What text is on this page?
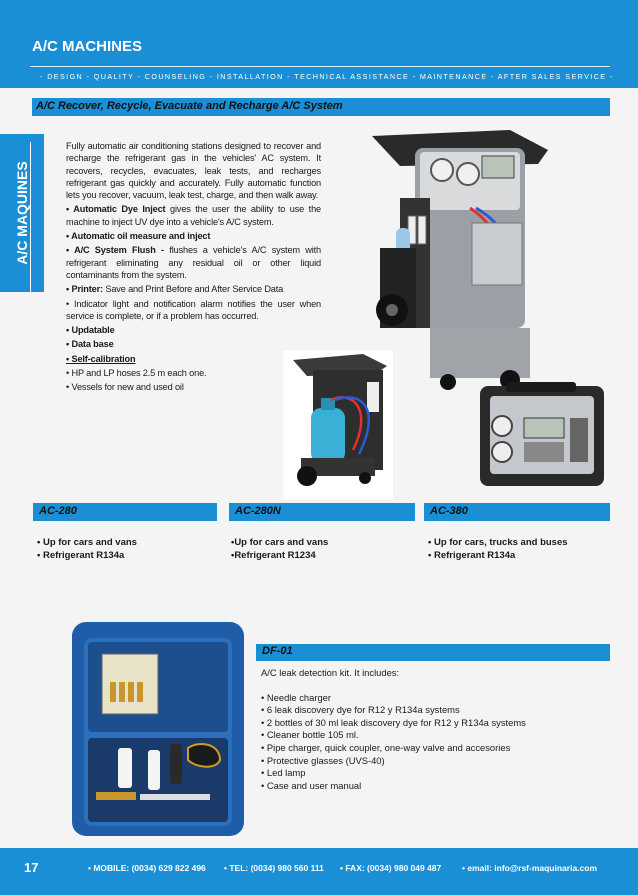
A/C MACHINES
- DESIGN - QUALITY - COUNSELING - INSTALLATION - TECHNICAL ASSISTANCE - MAINTENANCE - AFTER SALES SERVICE -
A/C Recover, Recycle, Evacuate and Recharge A/C System
A/C MAQUINES

Fully automatic air conditioning stations designed to recover and recharge the refrigerant gas in the vehicles' AC system. It recovers, recycles, evacuates, leak tests, and recharges refrigerant gas quickly and accurately. Fully automatic function lets you recover, vacuum, leak test, charge, and then walk away.

• Automatic Dye Inject gives the user the ability to use the machine to inject UV dye into a vehicle's A/C system.

• Automatic oil measure and inject

• A/C System Flush - flushes a vehicle's A/C system with refrigerant eliminating any residual oil or other liquid contaminants from the system.

• Printer: Save and Print Before and After Service Data

• Indicator light and notification alarm notifies the user when service is complete, or if a problem has occurred.

• Updatable

• Data base

• Self-calibration

• HP and LP hoses 2.5 m each one.

• Vessels for new and used oil

AC-280	AC-280N	AC-380
• Up for cars and vans
• Refrigerant R134a
•Up for cars and vans
•Refrigerant R1234
• Up for cars, trucks and buses
• Refrigerant R134a
DF-01
A/C leak detection kit. It includes:
• Needle charger
• 6 leak discovery dye for R12 y R134a systems
• 2 bottles of 30 ml leak discovery dye for R12 y R134a systems
• Cleaner bottle 105 ml.
• Pipe charger, quick coupler, one-way valve and accesories
• Protective glasses (UVS-40)
• Led lamp
• Case and user manual
17	• MOBILE: (0034) 629 822 496 • TEL: (0034) 980 560 111 • FAX: (0034) 980 049 487 • email: info@rsf-maquinaria.com
